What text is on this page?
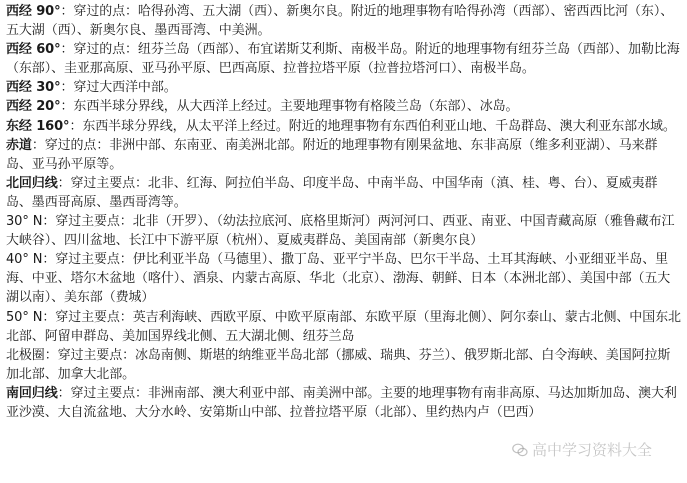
西经 90°：穿过的点：哈得孙湾、五大湖（西）、新奥尔良。附近的地理事物有哈得孙湾（西部）、密西西比河（东）、五大湖（西）、新奥尔良、墨西哥湾、中美洲。

西经 60°：穿过的点：纽芬兰岛（西部）、布宜诺斯艾利斯、南极半岛。附近的地理事物有纽芬兰岛（西部）、加勒比海（东部）、圭亚那高原、亚马孙平原、巴西高原、拉普拉塔平原（拉普拉塔河口）、南极半岛。

西经 30°：穿过大西洋中部。

西经 20°：东西半球分界线，从大西洋上经过。主要地理事物有格陵兰岛（东部）、冰岛。

东经 160°：东西半球分界线，从太平洋上经过。附近的地理事物有东西伯利亚山地、千岛群岛、澳大利亚东部水域。

赤道：穿过的点：非洲中部、东南亚、南美洲北部。附近的地理事物有刚果盆地、东非高原（维多利亚湖）、马来群岛、亚马孙平原等。

北回归线：穿过主要点：北非、红海、阿拉伯半岛、印度半岛、中南半岛、中国华南（滇、桂、粤、台）、夏威夷群岛、墨西哥高原、墨西哥湾等。

30° N：穿过主要点：北非（开罗）、（幼法拉底河、底格里斯河）两河河口、西亚、南亚、中国青藏高原（雅鲁藏布江大峡谷）、四川盆地、长江中下游平原（杭州）、夏威夷群岛、美国南部（新奥尔良）

40° N：穿过主要点：伊比利亚半岛（马德里）、撒丁岛、亚平宁半岛、巴尔干半岛、土耳其海峡、小亚细亚半岛、里海、中亚、塔尔木盆地（喀什）、酒泉、内蒙古高原、华北（北京）、渤海、朝鲜、日本（本洲北部）、美国中部（五大湖以南）、美东部（费城）

50° N：穿过主要点：英吉利海峡、西欧平原、中欧平原南部、东欧平原（里海北侧）、阿尔泰山、蒙古北侧、中国东北北部、阿留申群岛、美加国界线北侧、五大湖北侧、纽芬兰岛

北极圈：穿过主要点：冰岛南侧、斯堪的纳维亚半岛北部（挪威、瑞典、芬兰）、俄罗斯北部、白令海峡、美国阿拉斯加北部、加拿大北部。

南回归线：穿过主要点：非洲南部、澳大利亚中部、南美洲中部。主要的地理事物有南非高原、马达加斯加岛、澳大利亚沙漠、大自流盆地、大分水岭、安第斯山中部、拉普拉塔平原（北部）、里约热内卢（巴西）

高中学习资料大全
